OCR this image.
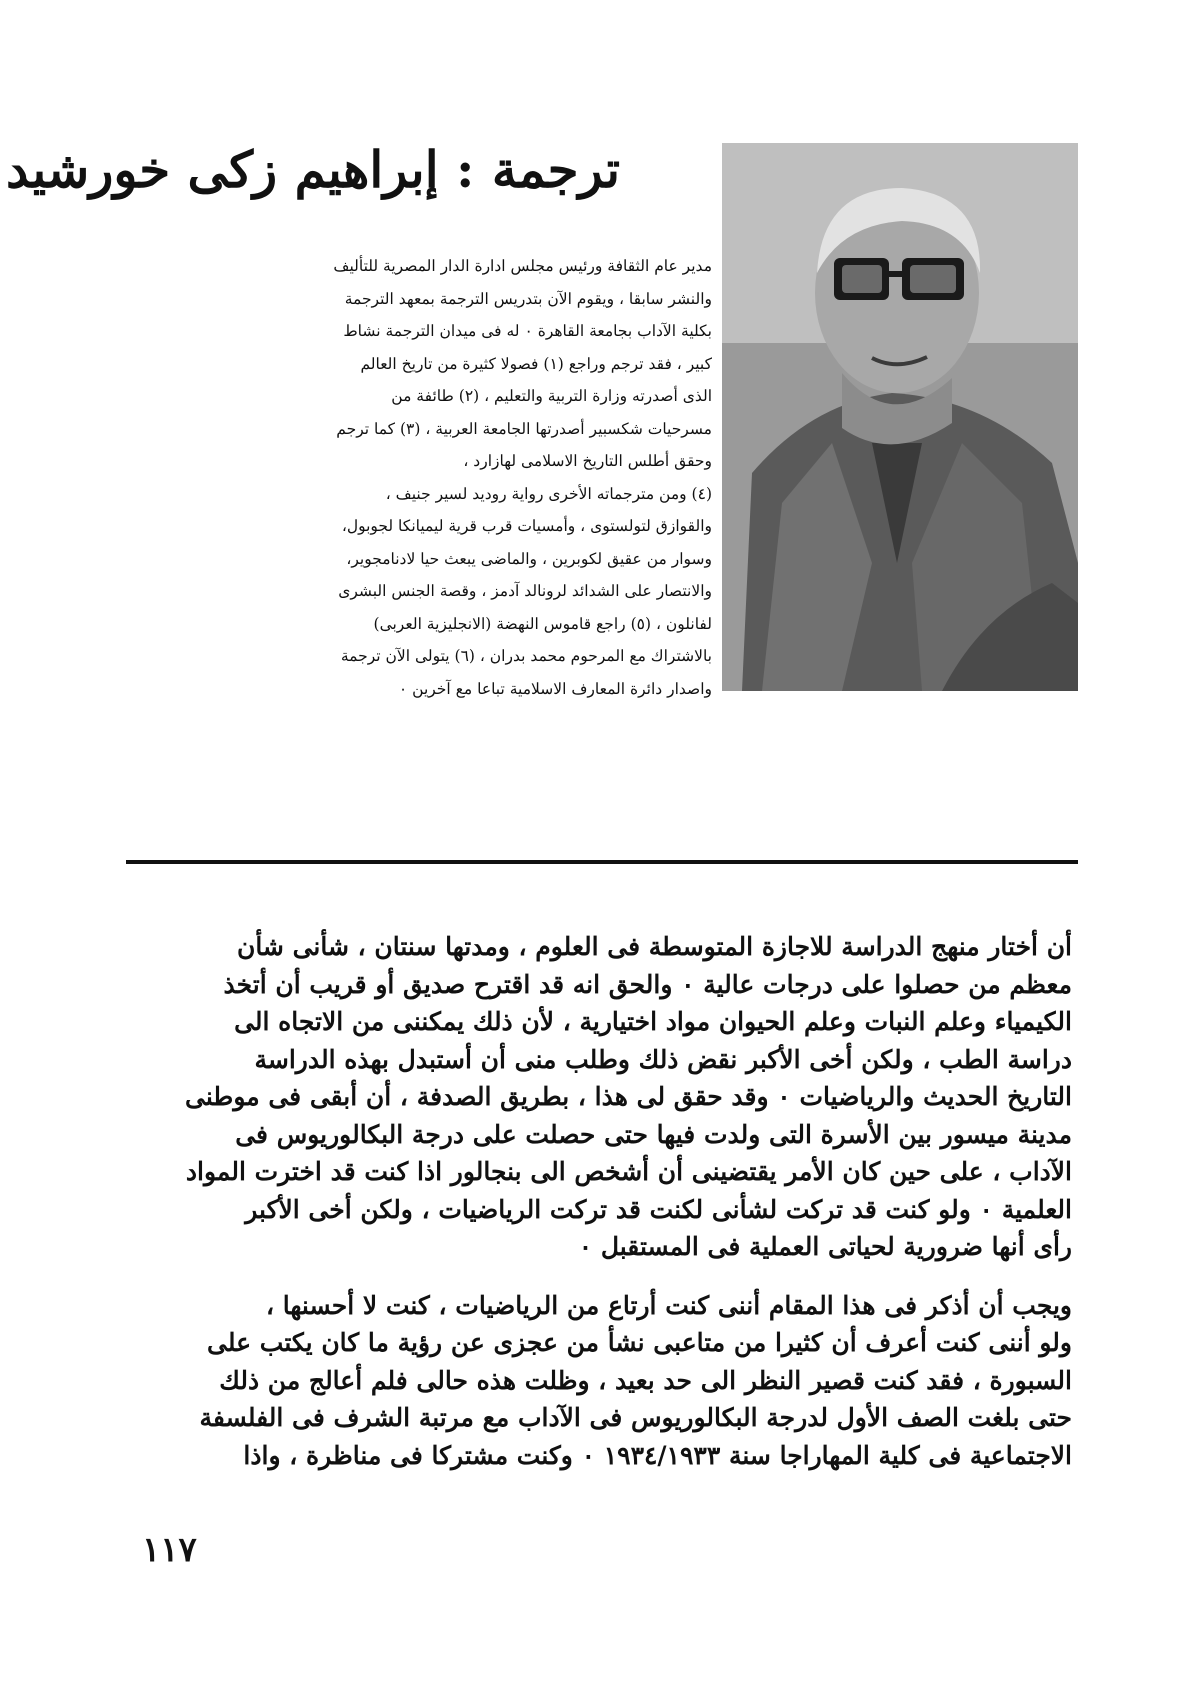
ترجمة : إبراهيم زكى خورشيد
مدير عام الثقافة ورئيس مجلس ادارة الدار المصرية للتأليف
والنشر سابقا ، ويقوم الآن بتدريس الترجمة بمعهد الترجمة
بكلية الآداب بجامعة القاهرة ٠ له فى ميدان الترجمة نشاط
كبير ، فقد ترجم وراجع (١) فصولا كثيرة من تاريخ العالم
الذى أصدرته وزارة التربية والتعليم ، (٢) طائفة من
مسرحيات شكسبير أصدرتها الجامعة العربية ، (٣) كما ترجم
وحقق أطلس التاريخ الاسلامى لهازارد ،
(٤) ومن مترجماته الأخرى رواية روديد لسير جنيف ،
والقوازق لتولستوى ، وأمسيات قرب قرية ليميانكا لجوبول،
وسوار من عقيق لكوبرين ، والماضى يبعث حيا لادنامجوير،
والانتصار على الشدائد لرونالد آدمز ، وقصة الجنس البشرى
لفانلون ، (٥) راجع قاموس النهضة (الانجليزية العربى)
بالاشتراك مع المرحوم محمد بدران ، (٦) يتولى الآن ترجمة
واصدار دائرة المعارف الاسلامية تباعا مع آخرين ٠
أن أختار منهج الدراسة للاجازة المتوسطة فى العلوم ، ومدتها سنتان ، شأنى شأن
معظم من حصلوا على درجات عالية ٠ والحق انه قد اقترح صديق أو قريب أن أتخذ
الكيمياء وعلم النبات وعلم الحيوان مواد اختيارية ، لأن ذلك يمكننى من الاتجاه الى
دراسة الطب ، ولكن أخى الأكبر نقض ذلك وطلب منى أن أستبدل بهذه الدراسة
التاريخ الحديث والرياضيات ٠ وقد حقق لى هذا ، بطريق الصدفة ، أن أبقى فى موطنى
مدينة ميسور بين الأسرة التى ولدت فيها حتى حصلت على درجة البكالوريوس فى
الآداب ، على حين كان الأمر يقتضينى أن أشخص الى بنجالور اذا كنت قد اخترت المواد
العلمية ٠ ولو كنت قد تركت لشأنى لكنت قد تركت الرياضيات ، ولكن أخى الأكبر
رأى أنها ضرورية لحياتى العملية فى المستقبل ٠
ويجب أن أذكر فى هذا المقام أننى كنت أرتاع من الرياضيات ، كنت لا أحسنها ،
ولو أننى كنت أعرف أن كثيرا من متاعبى نشأ من عجزى عن رؤية ما كان يكتب على
السبورة ، فقد كنت قصير النظر الى حد بعيد ، وظلت هذه حالى فلم أعالج من ذلك
حتى بلغت الصف الأول لدرجة البكالوريوس فى الآداب مع مرتبة الشرف فى الفلسفة
الاجتماعية فى كلية المهاراجا سنة ١٩٣٤/١٩٣٣ ٠ وكنت مشتركا فى مناظرة ، واذا
١١٧
